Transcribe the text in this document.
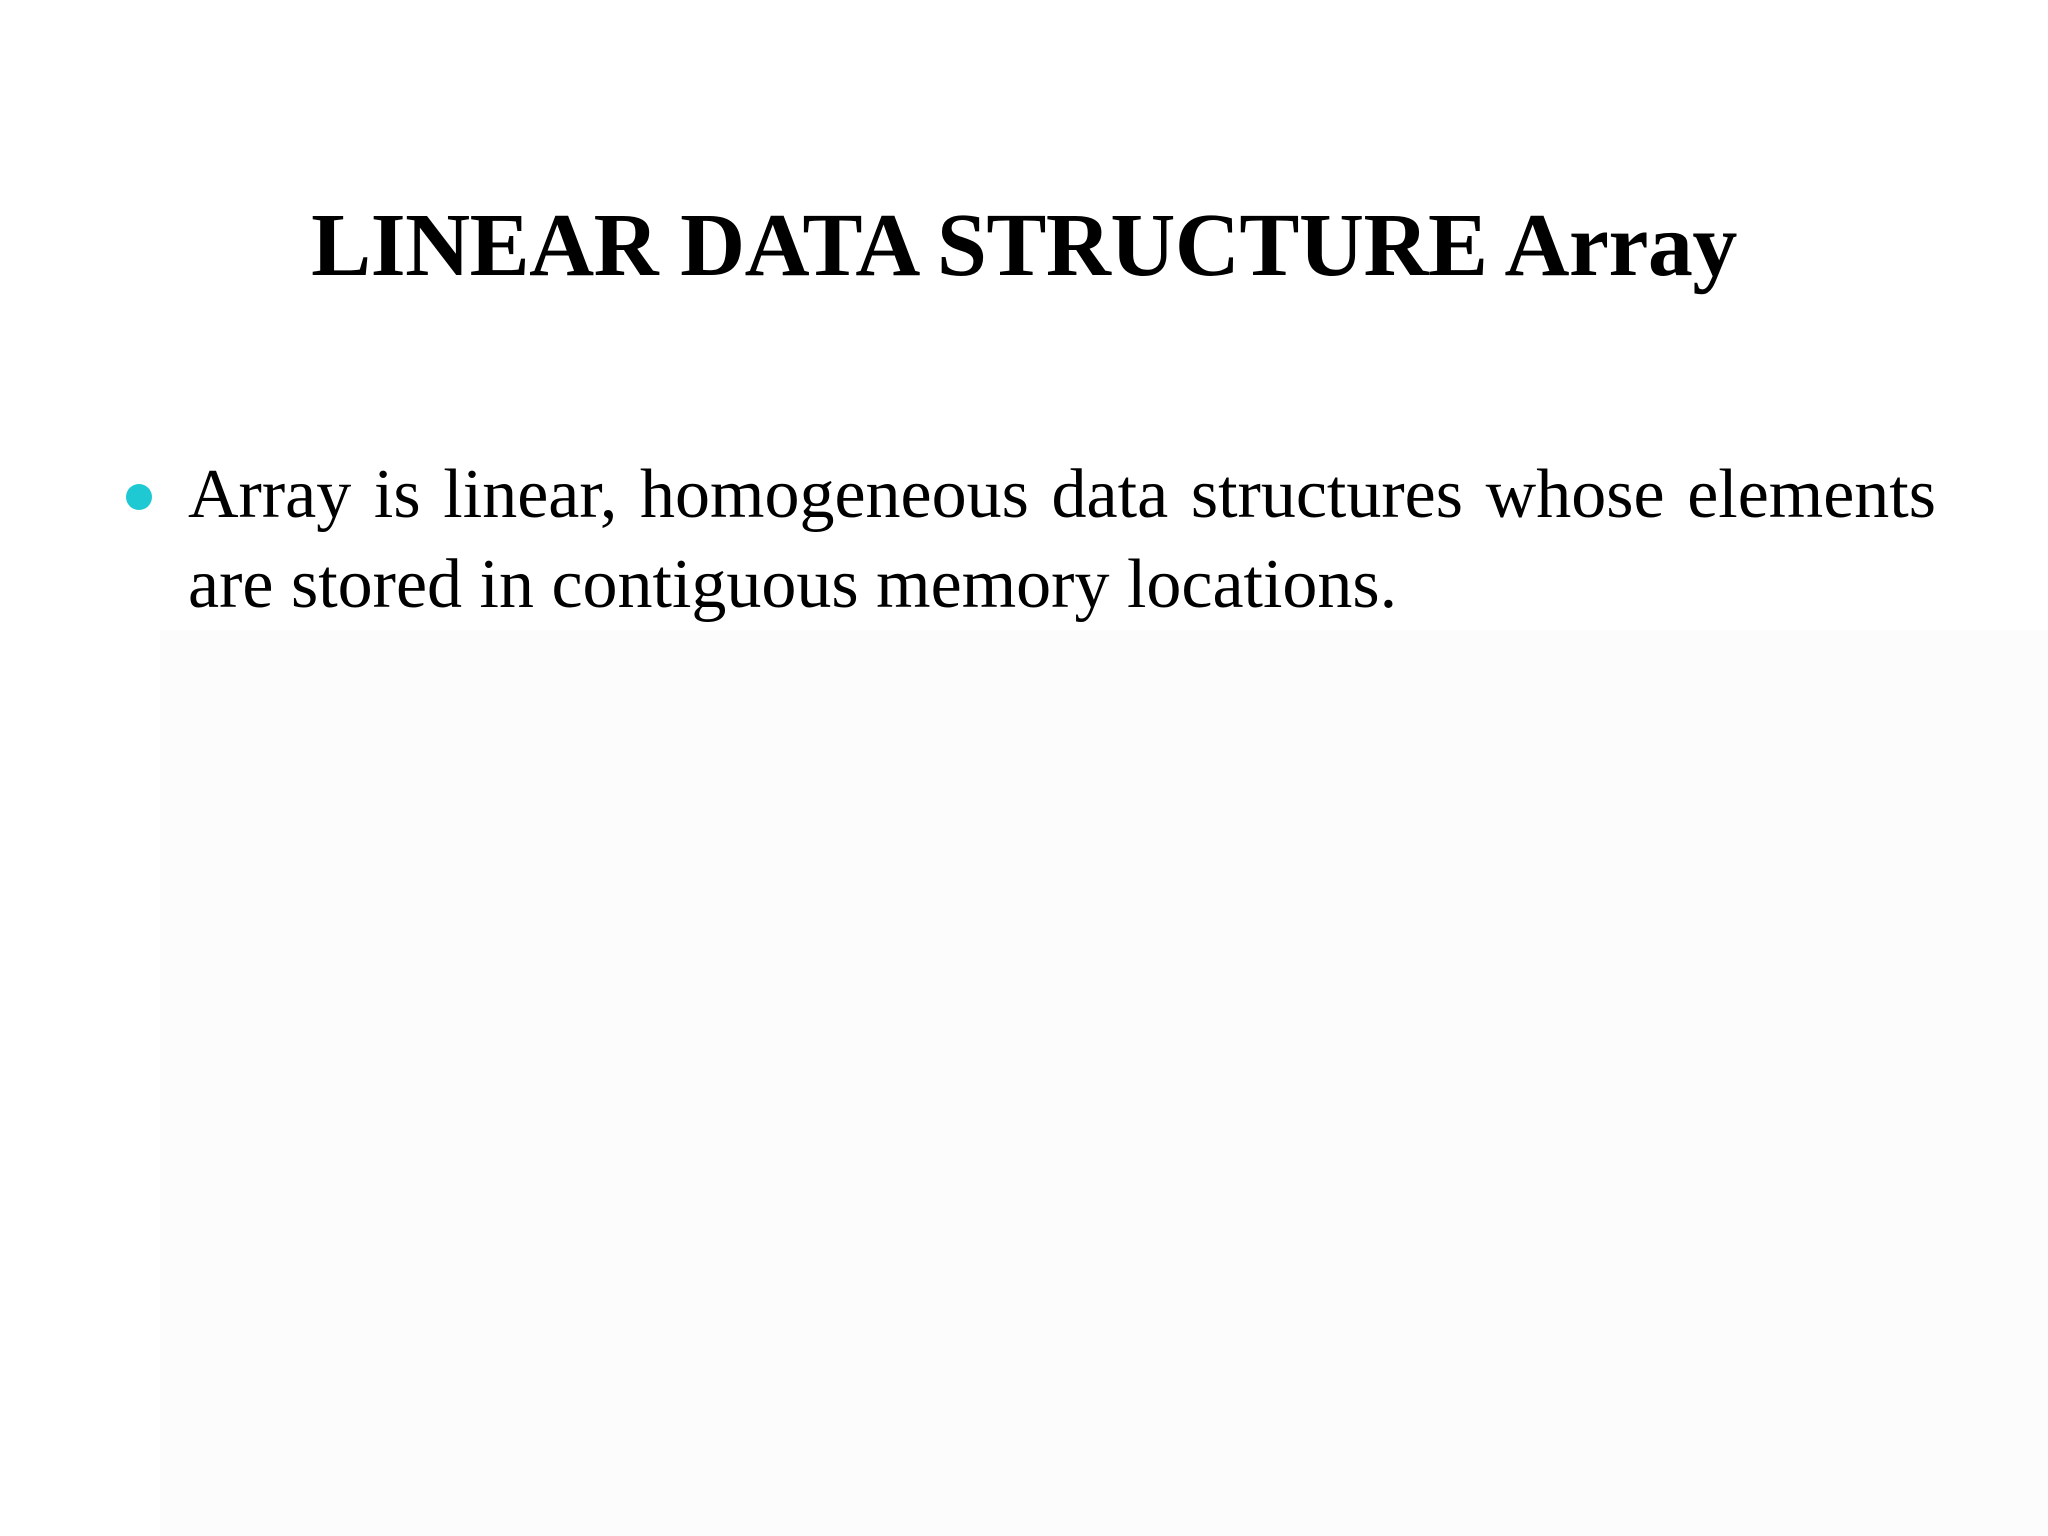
LINEAR DATA STRUCTURE Array
Array is linear, homogeneous data structures whose elements are stored in contiguous memory locations.
